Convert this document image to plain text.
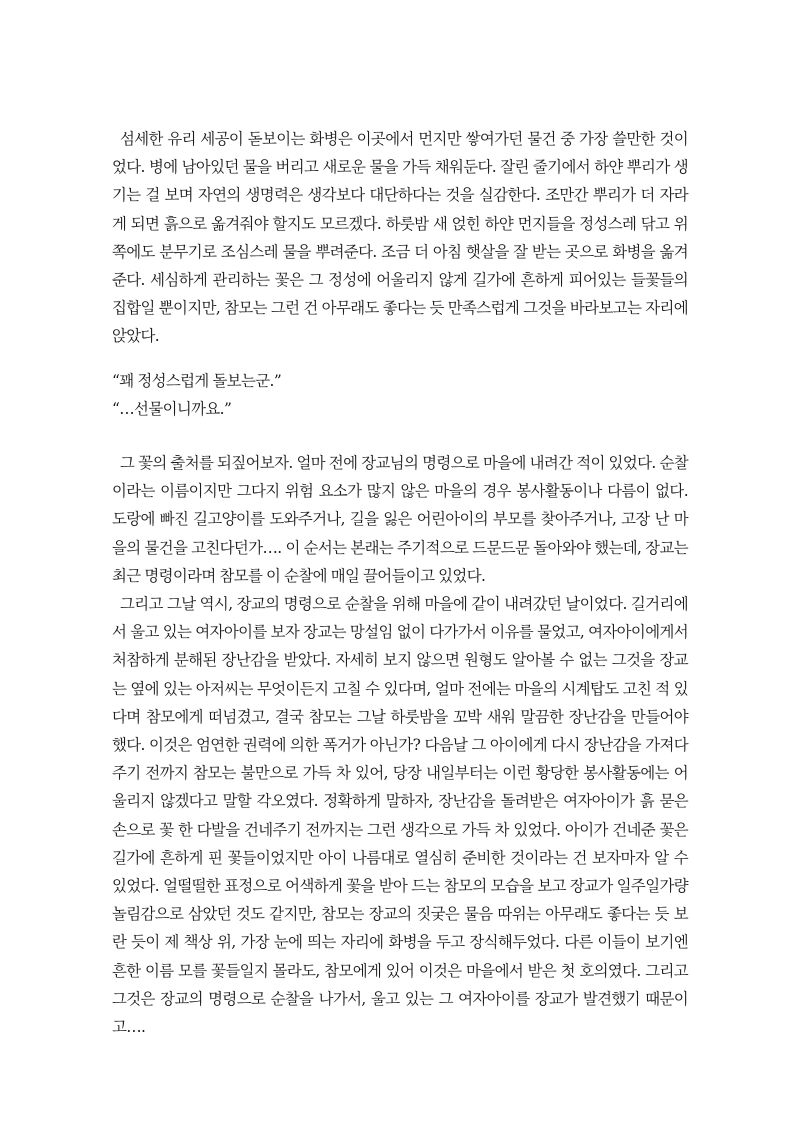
섬세한 유리 세공이 돋보이는 화병은 이곳에서 먼지만 쌓여가던 물건 중 가장 쓸만한 것이었다. 병에 남아있던 물을 버리고 새로운 물을 가득 채워둔다. 잘린 줄기에서 하얀 뿌리가 생기는 걸 보며 자연의 생명력은 생각보다 대단하다는 것을 실감한다. 조만간 뿌리가 더 자라게 되면 흙으로 옮겨줘야 할지도 모르겠다. 하룻밤 새 얹힌 하얀 먼지들을 정성스레 닦고 위쪽에도 분무기로 조심스레 물을 뿌려준다. 조금 더 아침 햇살을 잘 받는 곳으로 화병을 옮겨준다. 세심하게 관리하는 꽃은 그 정성에 어울리지 않게 길가에 흔하게 피어있는 들꽃들의 집합일 뿐이지만, 참모는 그런 건 아무래도 좋다는 듯 만족스럽게 그것을 바라보고는 자리에 앉았다.

“꽤 정성스럽게 돌보는군.”

“…선물이니까요.”

그 꽃의 출처를 되짚어보자. 얼마 전에 장교님의 명령으로 마을에 내려간 적이 있었다. 순찰이라는 이름이지만 그다지 위험 요소가 많지 않은 마을의 경우 봉사활동이나 다름이 없다. 도랑에 빠진 길고양이를 도와주거나, 길을 잃은 어린아이의 부모를 찾아주거나, 고장 난 마을의 물건을 고친다던가…. 이 순서는 본래는 주기적으로 드문드문 돌아와야 했는데, 장교는 최근 명령이라며 참모를 이 순찰에 매일 끌어들이고 있었다.

그리고 그날 역시, 장교의 명령으로 순찰을 위해 마을에 같이 내려갔던 날이었다. 길거리에서 울고 있는 여자아이를 보자 장교는 망설임 없이 다가가서 이유를 물었고, 여자아이에게서 처참하게 분해된 장난감을 받았다. 자세히 보지 않으면 원형도 알아볼 수 없는 그것을 장교는 옆에 있는 아저씨는 무엇이든지 고칠 수 있다며, 얼마 전에는 마을의 시계탑도 고친 적 있다며 참모에게 떠넘겼고, 결국 참모는 그날 하룻밤을 꼬박 새워 말끔한 장난감을 만들어야 했다. 이것은 엄연한 권력에 의한 폭거가 아닌가? 다음날 그 아이에게 다시 장난감을 가져다주기 전까지 참모는 불만으로 가득 차 있어, 당장 내일부터는 이런 황당한 봉사활동에는 어울리지 않겠다고 말할 각오였다. 정확하게 말하자, 장난감을 돌려받은 여자아이가 흙 묻은 손으로 꽃 한 다발을 건네주기 전까지는 그런 생각으로 가득 차 있었다. 아이가 건네준 꽃은 길가에 흔하게 핀 꽃들이었지만 아이 나름대로 열심히 준비한 것이라는 건 보자마자 알 수 있었다. 얼떨떨한 표정으로 어색하게 꽃을 받아 드는 참모의 모습을 보고 장교가 일주일가량 놀림감으로 삼았던 것도 같지만, 참모는 장교의 짓궂은 물음 따위는 아무래도 좋다는 듯 보란 듯이 제 책상 위, 가장 눈에 띄는 자리에 화병을 두고 장식해두었다. 다른 이들이 보기엔 흔한 이름 모를 꽃들일지 몰라도, 참모에게 있어 이것은 마을에서 받은 첫 호의였다. 그리고 그것은 장교의 명령으로 순찰을 나가서, 울고 있는 그 여자아이를 장교가 발견했기 때문이고….
